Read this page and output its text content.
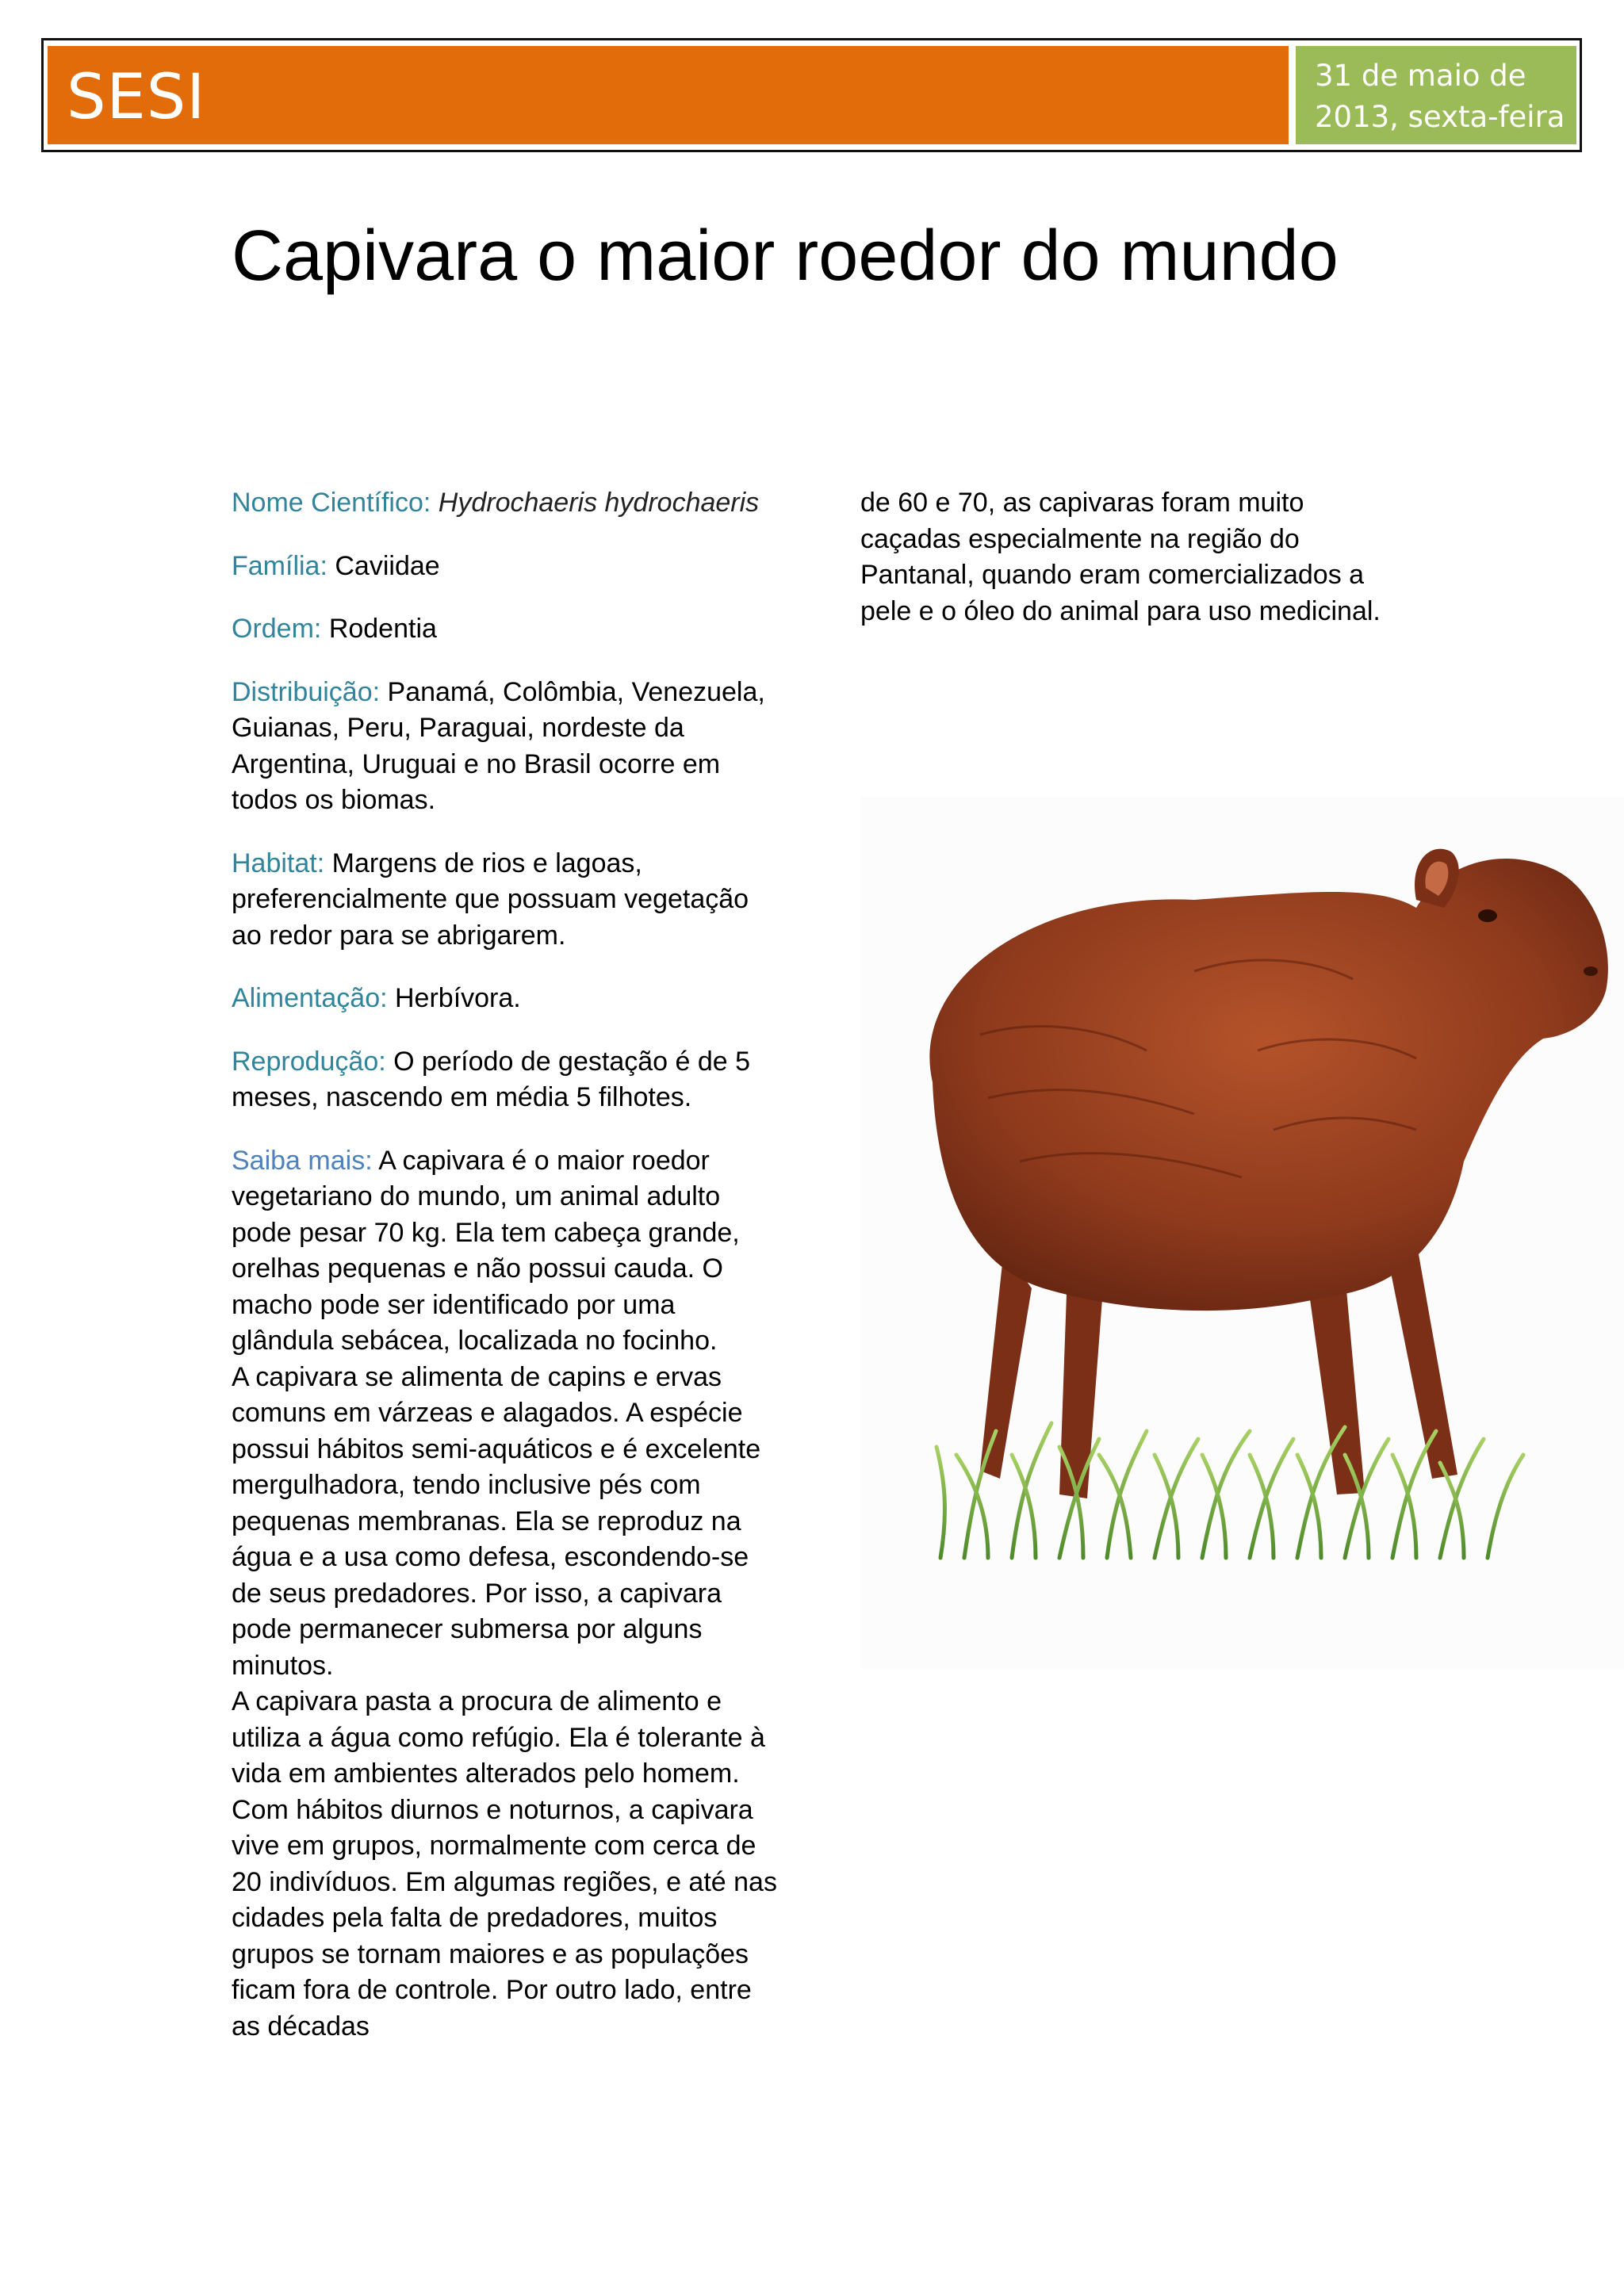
SESI	31 de maio de
2013, sexta-feira
Capivara o maior roedor do mundo

Nome Científico: Hydrochaeris hydrochaeris

Família: Caviidae

Ordem: Rodentia

Distribuição: Panamá, Colômbia, Venezuela, Guianas, Peru, Paraguai, nordeste da Argentina, Uruguai e no Brasil ocorre em todos os biomas.

Habitat: Margens de rios e lagoas, preferencialmente que possuam vegetação ao redor para se abrigarem.

Alimentação: Herbívora.

Reprodução: O período de gestação é de 5 meses, nascendo em média 5 filhotes.

Saiba mais: A capivara é o maior roedor vegetariano do mundo, um animal adulto pode pesar 70 kg. Ela tem cabeça grande, orelhas pequenas e não possui cauda. O macho pode ser identificado por uma glândula sebácea, localizada no focinho.
A capivara se alimenta de capins e ervas comuns em várzeas e alagados. A espécie possui hábitos semi-aquáticos e é excelente mergulhadora, tendo inclusive pés com pequenas membranas. Ela se reproduz na água e a usa como defesa, escondendo-se de seus predadores. Por isso, a capivara pode permanecer submersa por alguns minutos.
A capivara pasta a procura de alimento e utiliza a água como refúgio. Ela é tolerante à vida em ambientes alterados pelo homem. Com hábitos diurnos e noturnos, a capivara vive em grupos, normalmente com cerca de 20 indivíduos. Em algumas regiões, e até nas cidades pela falta de predadores, muitos grupos se tornam maiores e as populações ficam fora de controle. Por outro lado, entre as décadas

de 60 e 70, as capivaras foram muito caçadas especialmente na região do Pantanal, quando eram comercializados a pele e o óleo do animal para uso medicinal.
